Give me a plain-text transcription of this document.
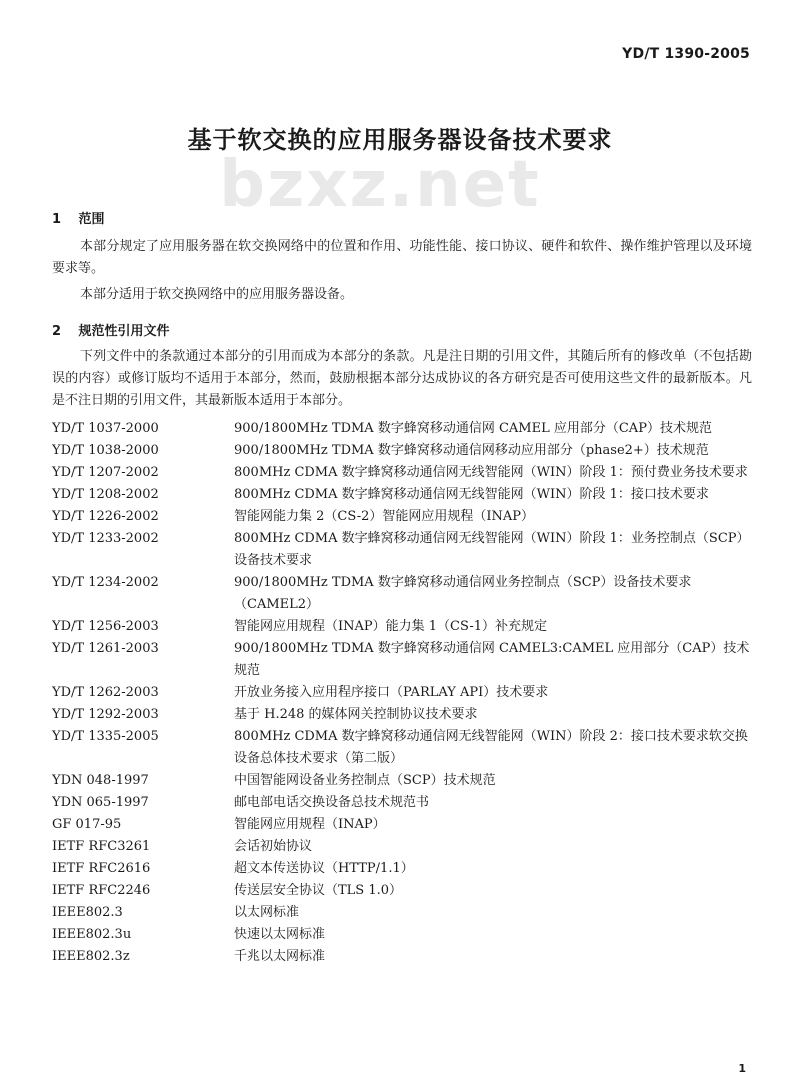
bzxz.net
YD/T 1390-2005
基于软交换的应用服务器设备技术要求
1 范围
本部分规定了应用服务器在软交换网络中的位置和作用、功能性能、接口协议、硬件和软件、操作维护管理以及环境要求等。
本部分适用于软交换网络中的应用服务器设备。
2 规范性引用文件
下列文件中的条款通过本部分的引用而成为本部分的条款。凡是注日期的引用文件，其随后所有的修改单（不包括勘误的内容）或修订版均不适用于本部分，然而，鼓励根据本部分达成协议的各方研究是否可使用这些文件的最新版本。凡是不注日期的引用文件，其最新版本适用于本部分。
YD/T 1037-2000	900/1800MHz TDMA 数字蜂窝移动通信网 CAMEL 应用部分（CAP）技术规范
YD/T 1038-2000	900/1800MHz TDMA 数字蜂窝移动通信网移动应用部分（phase2+）技术规范
YD/T 1207-2002	800MHz CDMA 数字蜂窝移动通信网无线智能网（WIN）阶段 1：预付费业务技术要求
YD/T 1208-2002	800MHz CDMA 数字蜂窝移动通信网无线智能网（WIN）阶段 1：接口技术要求
YD/T 1226-2002	智能网能力集 2（CS-2）智能网应用规程（INAP）
YD/T 1233-2002	800MHz CDMA 数字蜂窝移动通信网无线智能网（WIN）阶段 1：业务控制点（SCP）设备技术要求
YD/T 1234-2002	900/1800MHz TDMA 数字蜂窝移动通信网业务控制点（SCP）设备技术要求（CAMEL2）
YD/T 1256-2003	智能网应用规程（INAP）能力集 1（CS-1）补充规定
YD/T 1261-2003	900/1800MHz TDMA 数字蜂窝移动通信网 CAMEL3:CAMEL 应用部分（CAP）技术规范
YD/T 1262-2003	开放业务接入应用程序接口（PARLAY API）技术要求
YD/T 1292-2003	基于 H.248 的媒体网关控制协议技术要求
YD/T 1335-2005	800MHz CDMA 数字蜂窝移动通信网无线智能网（WIN）阶段 2：接口技术要求软交换设备总体技术要求（第二版）
YDN 048-1997	中国智能网设备业务控制点（SCP）技术规范
YDN 065-1997	邮电部电话交换设备总技术规范书
GF 017-95	智能网应用规程（INAP）
IETF RFC3261	会话初始协议
IETF RFC2616	超文本传送协议（HTTP/1.1）
IETF RFC2246	传送层安全协议（TLS 1.0）
IEEE802.3	以太网标准
IEEE802.3u	快速以太网标准
IEEE802.3z	千兆以太网标准
1
